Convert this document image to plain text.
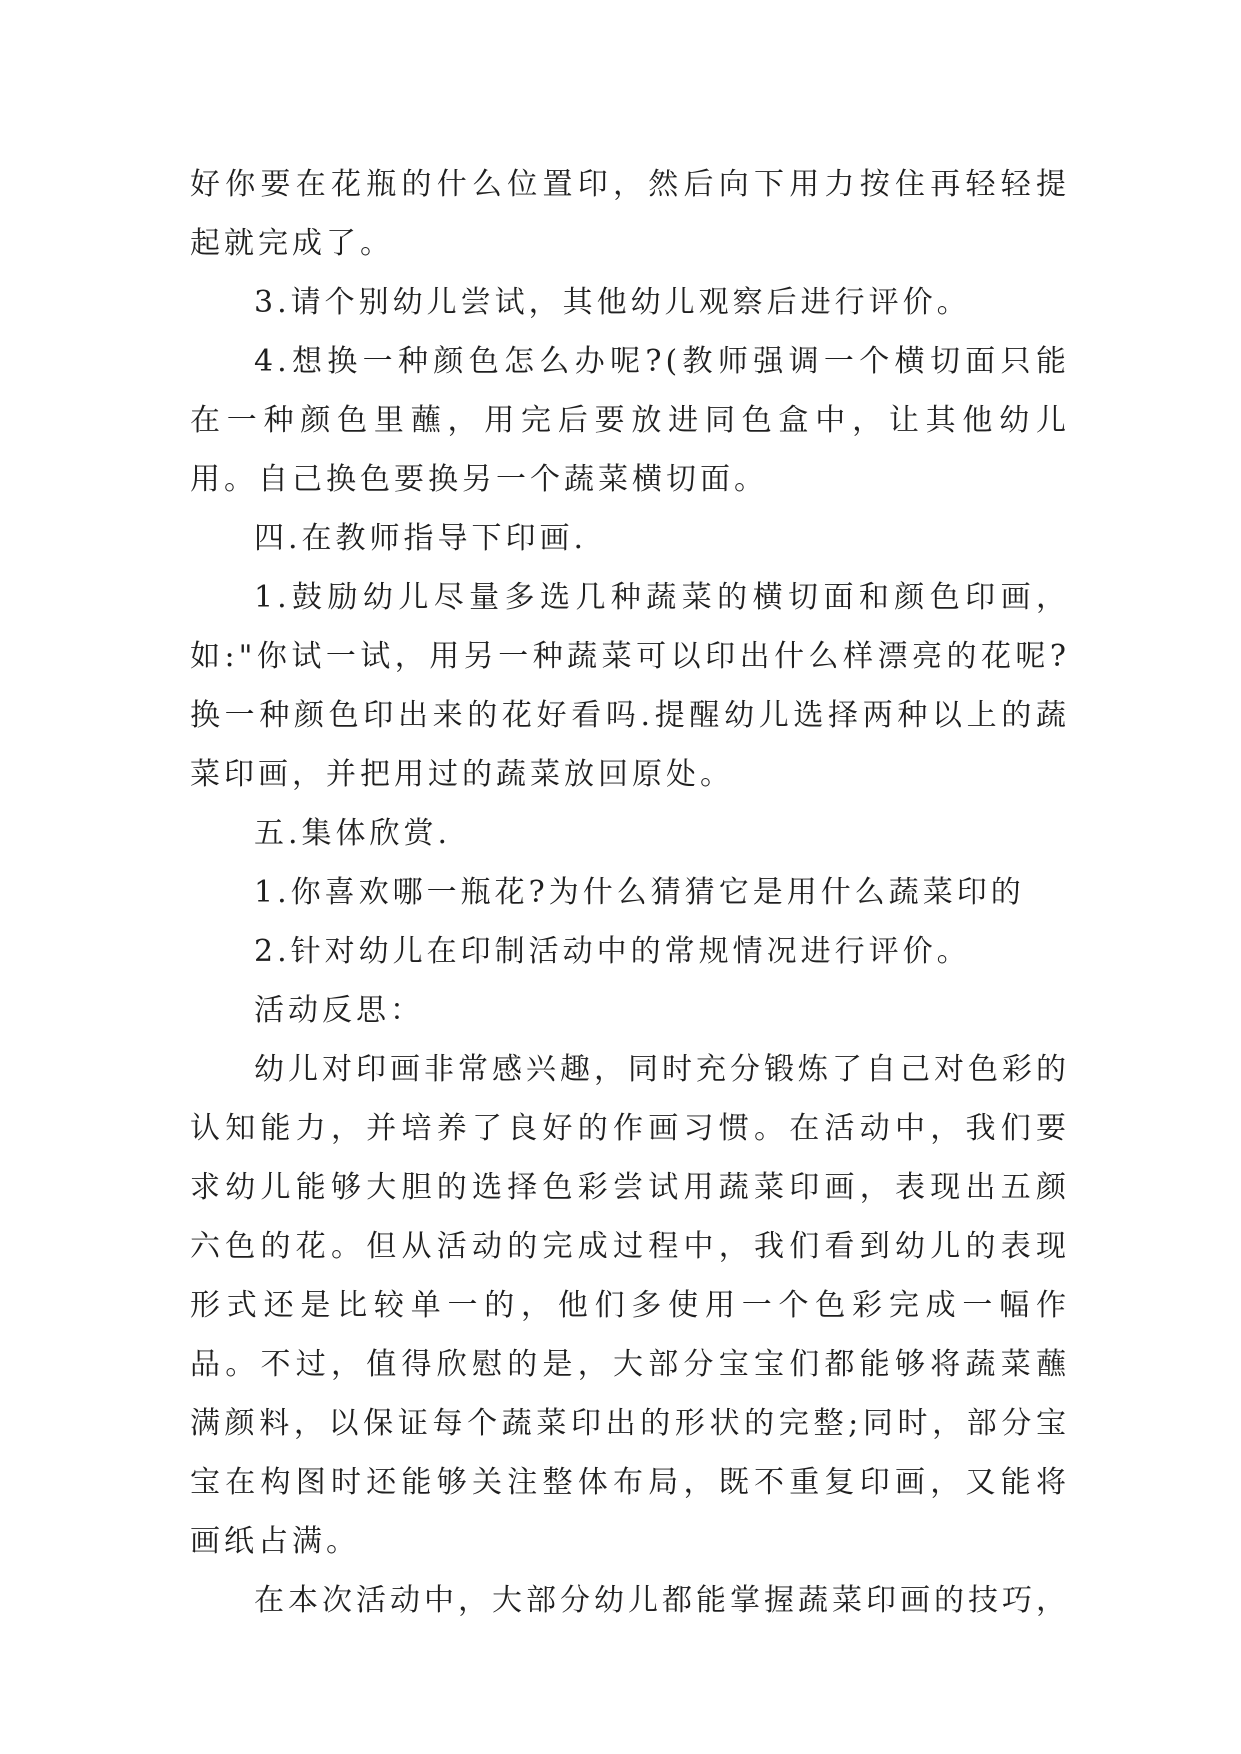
好你要在花瓶的什么位置印，然后向下用力按住再轻轻提起就完成了。

3.请个别幼儿尝试，其他幼儿观察后进行评价。

4.想换一种颜色怎么办呢?(教师强调一个横切面只能在一种颜色里蘸，用完后要放进同色盒中，让其他幼儿用。自己换色要换另一个蔬菜横切面。

四.在教师指导下印画.

1.鼓励幼儿尽量多选几种蔬菜的横切面和颜色印画，如:"你试一试，用另一种蔬菜可以印出什么样漂亮的花呢?换一种颜色印出来的花好看吗.提醒幼儿选择两种以上的蔬菜印画，并把用过的蔬菜放回原处。

五.集体欣赏.

1.你喜欢哪一瓶花?为什么猜猜它是用什么蔬菜印的

2.针对幼儿在印制活动中的常规情况进行评价。

活动反思：

幼儿对印画非常感兴趣，同时充分锻炼了自己对色彩的认知能力，并培养了良好的作画习惯。在活动中，我们要求幼儿能够大胆的选择色彩尝试用蔬菜印画，表现出五颜六色的花。但从活动的完成过程中，我们看到幼儿的表现形式还是比较单一的，他们多使用一个色彩完成一幅作品。不过，值得欣慰的是，大部分宝宝们都能够将蔬菜蘸满颜料，以保证每个蔬菜印出的形状的完整;同时，部分宝宝在构图时还能够关注整体布局，既不重复印画，又能将画纸占满。

在本次活动中，大部分幼儿都能掌握蔬菜印画的技巧，
